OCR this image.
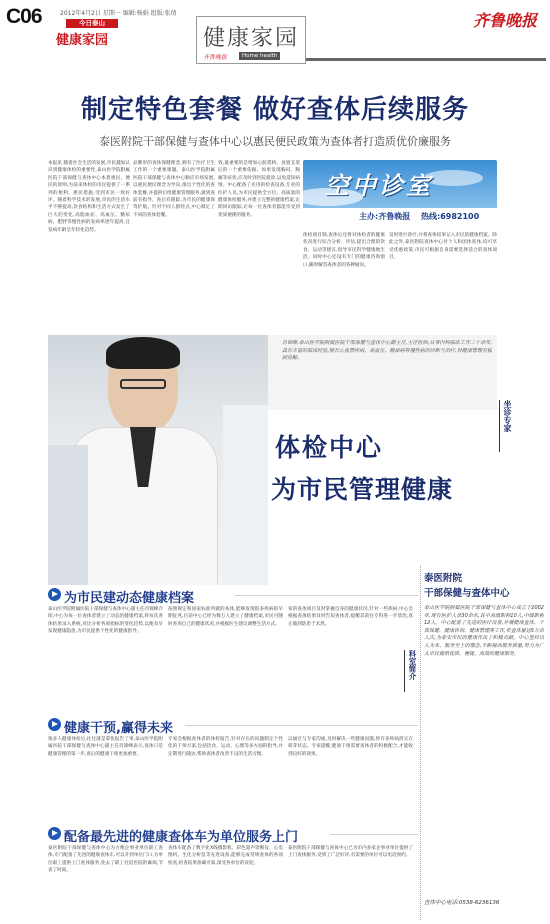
C06	2012年4月2日 星期一 编辑:杨娟 组版:张倩
今日泰山
健康家园	健康家园
齐鲁晚报	Home health
齐鲁晚报
制定特色套餐 做好查体后续服务
泰医附院干部保健与查体中心以惠民便民政策为查体者打造质优价廉服务
本报讯 随着社会生活的发展,市民越加认识到健康体检的重要性,泰山医学院附属医院干部保健与查体中心本着惠民、便民的原则,为前来体检的市民提供了一系列的便利、惠民措施,受到市民一致好评。随着科学技术的发展,市民的生活水平不断提高,饮食结构和生活方式发生了巨大的变化,高脂血症、高血压、糖尿病、肥胖等慢性病的发病率逐年提高,且发病年龄呈年轻化趋势。
品牌形的查体保健理念,拥有了医疗卫生工作的一个重要课题。泰山医学院附属医院干部保健与查体中心顺应市场发展,以惠民便民理念为导向,推出个性化的查体套餐,并提供后续健康管理服务,做到查前有指导、查后有跟踪,为市民的健康保驾护航。针对不同人群特点,中心制定了不同的查体套餐。
效,最重要的是增加心脏搭桥、放置支架后的一个重要依据。如果发现胸闷、胸痛等症状,应及时到医院就诊,以免延误病情。中心配备了先进的检查设备,专业的医护人员,为市民提供全方位、高质量的健康体检服务,并建立完整的健康档案,定期回访跟踪,让每一位查体者都能享受到优质便捷的服务。
体检项目制,查体后还将对体检者的健康状况进行综合分析、评估,提出合理的饮食、运动等建议,指导市民科学健康地生活。同时中心还设有专门的健康咨询窗口,随时解答查体者的各种疑问。
及时进行诊疗,并将查体结果记入市民的健康档案。除此之外,泰医附院查体中心对个人和团体查体,均可享受优惠政策,市民可根据自身需要选择适合的查体项目。
空中诊室
主办:齐鲁晚报 热线:6982100
肖锦峰,泰山医学院附属医院干部保健与查体中心副主任,主任医师,从事内科临床工作三十余年,具有丰富的临床经验,擅长心血管疾病、高血压、糖尿病等慢性病的诊断与治疗,对健康管理有独到见解。
坐诊专家
体检中心
为市民管理健康
为市民建动态健康档案
泰山医学院附属医院干部保健与查体中心副主任肖锦峰介绍,中心为每一位查体者建立了动态的健康档案,将每次查体结果录入系统,对比分析各项指标的变化趋势,以便及早发现健康隐患,为市民提供个性化的健康指导。
按照规定和国家标准所做的查体,能够发现很多疾病的早期征兆,目前中心已经为数万人建立了健康档案,市民可随时查询自己的健康状况,并根据医生建议调整生活方式。
家的查体项目及时掌握自身的健康状况,针对一些疾病,中心会根据查体结果及时告知查体者,提醒其前往专科进一步诊治,真正做到防患于未然。
健康干预,赢得未来
很多人健康体检后,往往就是拿张报告了事,泰山医学院附属医院干部保健与查体中心副主任肖锦峰表示,查体只是健康管理的第一步,查后的健康干预更加重要。
专家会根据查体者的体检报告,针对存在的问题制定个性化的干预方案,包括饮食、运动、心理等多方面的指导,并定期进行随访,帮助查体者改善不良的生活习惯。
以通过与专家沟通,及时解决一些健康问题,将许多疾病消灭在萌芽状态。专家提醒,健康干预需要查体者的积极配合,才能收到良好的效果。
配备最先进的健康查体车为单位服务上门
泰医附院干部保健与查体中心为方便企事业单位职工查体,专门配备了先进的健康查体车,可以开到单位门口,为单位职工提供上门查体服务,免去了职工往返医院的麻烦,节省了时间。
查体车配备了数字化X线摄影机、彩色超声诊断仪、心电图机、生化分析仪等先进设备,能够完成常规查体的各项检查,检查结果准确可靠,深受各单位的欢迎。
泰医附院干部保健与查体中心已为市内多家企事业单位提供了上门查体服务,受到了广泛好评,有需要的单位可以电话预约。
泰医附院
干部保健与查体中心
科室简介
泰山医学院附属医院干部保健与查体中心成立于2002年,现有医护人员30余名,其中高级职称10人,中级职称12人。中心配备了先进的医疗设备,开展健康查体、干部保健、健康咨询、健康管理等工作,年查体量达5万余人次,为泰安市民的健康作出了积极贡献。中心坚持以人为本、服务至上的理念,不断提高服务质量,努力为广大市民提供优质、便捷、高效的健康服务。
查体中心电话:0538-6236136
